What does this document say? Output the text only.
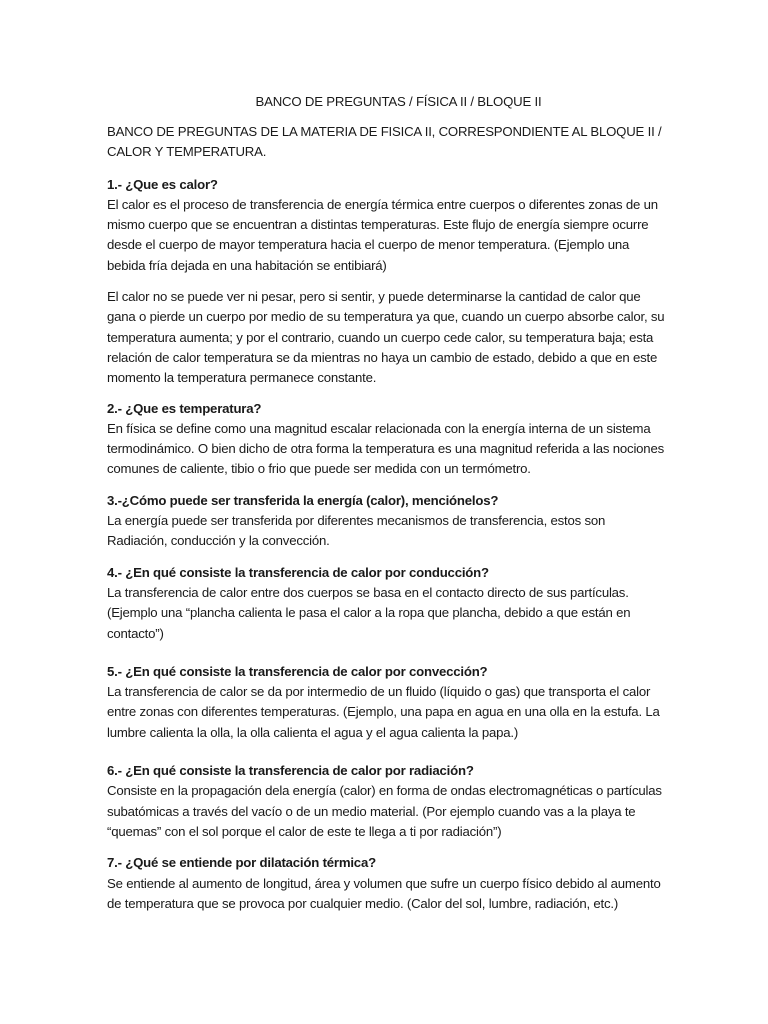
BANCO DE PREGUNTAS / FÍSICA II / BLOQUE II

BANCO DE PREGUNTAS DE LA MATERIA DE FISICA II, CORRESPONDIENTE AL BLOQUE II / CALOR Y TEMPERATURA.

1.- ¿Que es calor?

El calor es el proceso de transferencia de energía térmica entre cuerpos o diferentes zonas de un mismo cuerpo que se encuentran a distintas temperaturas. Este flujo de energía siempre ocurre desde el cuerpo de mayor temperatura hacia el cuerpo de menor temperatura. (Ejemplo una bebida fría dejada en una habitación se entibiará)

El calor no se puede ver ni pesar, pero si sentir, y puede determinarse la cantidad de calor que gana o pierde un cuerpo por medio de su temperatura ya que, cuando un cuerpo absorbe calor, su temperatura aumenta; y por el contrario, cuando un cuerpo cede calor, su temperatura baja; esta relación de calor temperatura se da mientras no haya un cambio de estado, debido a que en este momento la temperatura permanece constante.

2.- ¿Que es temperatura?

En física se define como una magnitud escalar relacionada con la energía interna de un sistema termodinámico. O bien dicho de otra forma la temperatura es una magnitud referida a las nociones comunes de caliente, tibio o frio que puede ser medida con un termómetro.

3.-¿Cómo puede ser transferida la energía (calor), menciónelos?

La energía puede ser transferida por diferentes mecanismos de transferencia, estos son Radiación, conducción y la convección.

4.- ¿En qué consiste la transferencia de calor por conducción?

La transferencia de calor entre dos cuerpos se basa en el contacto directo de sus partículas. (Ejemplo una “plancha calienta le pasa el calor a la ropa que plancha, debido a que están en contacto”)

5.- ¿En qué consiste la transferencia de calor por convección?

La transferencia de calor se da por intermedio de un fluido (líquido o gas) que transporta el calor entre zonas con diferentes temperaturas. (Ejemplo, una papa en agua en una olla en la estufa. La lumbre calienta la olla, la olla calienta el agua y el agua calienta la papa.)

6.- ¿En qué consiste la transferencia de calor por radiación?

Consiste en la propagación dela energía (calor) en forma de ondas electromagnéticas o partículas subatómicas a través del vacío o de un medio material. (Por ejemplo cuando vas a la playa te “quemas” con el sol porque el calor de este te llega a ti por radiación”)

7.- ¿Qué se entiende por dilatación térmica?

Se entiende al aumento de longitud, área y volumen que sufre un cuerpo físico debido al aumento de temperatura que se provoca por cualquier medio. (Calor del sol, lumbre, radiación, etc.)
